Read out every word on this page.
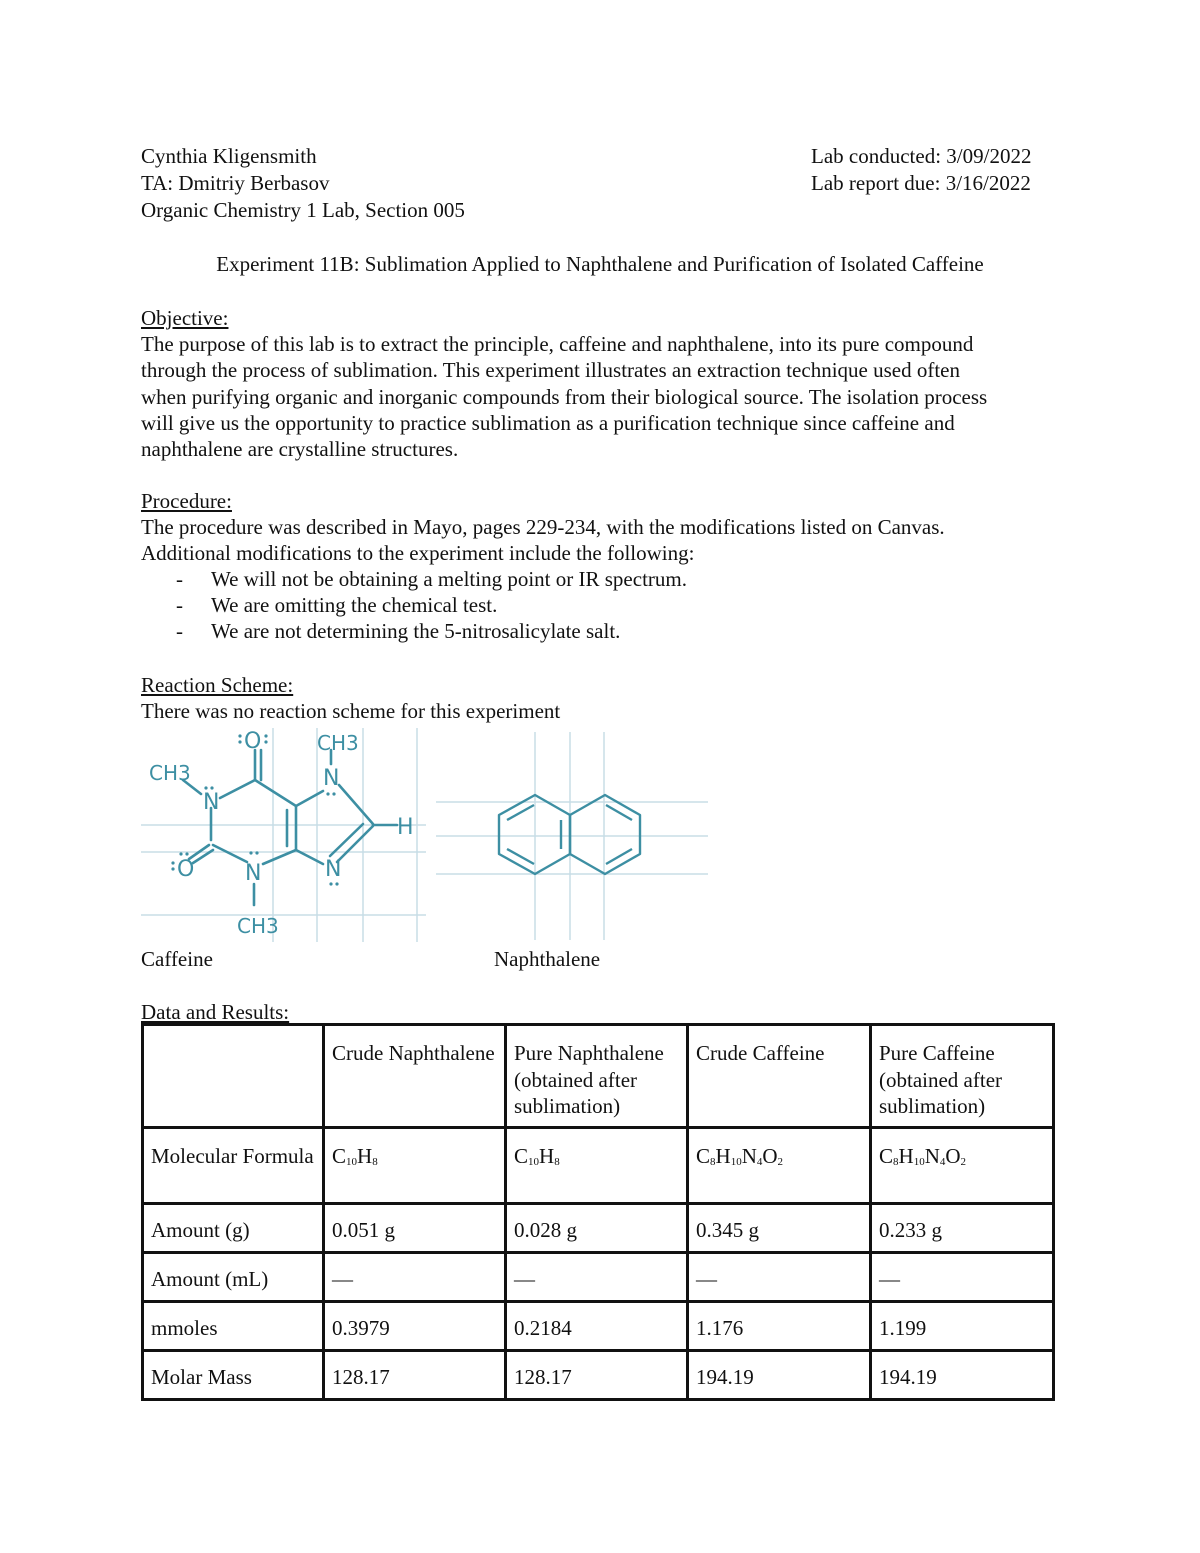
Cynthia Kligensmith
TA: Dmitriy Berbasov
Organic Chemistry 1 Lab, Section 005
Lab conducted: 3/09/2022
Lab report due: 3/16/2022
Experiment 11B: Sublimation Applied to Naphthalene and Purification of Isolated Caffeine
Objective:
The purpose of this lab is to extract the principle, caffeine and naphthalene, into its pure compound
through the process of sublimation. This experiment illustrates an extraction technique used often
when purifying organic and inorganic compounds from their biological source. The isolation process
will give us the opportunity to practice sublimation as a purification technique since caffeine and
naphthalene are crystalline structures.
Procedure:
The procedure was described in Mayo, pages 229-234, with the modifications listed on Canvas.
Additional modifications to the experiment include the following:
- We will not be obtaining a melting point or IR spectrum.
- We are omitting the chemical test.
- We are not determining the 5-nitrosalicylate salt.
Reaction Scheme:
There was no reaction scheme for this experiment
O
O
N
N
N
N
H
CH3
CH3
CH3
Caffeine	Naphthalene
Data and Results:
	Crude Naphthalene	Pure Naphthalene (obtained after sublimation)	Crude Caffeine	Pure Caffeine (obtained after sublimation)
Molecular Formula	$C_{10}H_8$	$C_{10}H_8$	$C_8H_{10}N_4O_2$	$C_8H_{10}N_4O_2$
Amount (g)	0.051 g	0.028 g	0.345 g	0.233 g
Amount (mL)	—	—	—	—
mmoles	0.3979	0.2184	1.176	1.199
Molar Mass	128.17	128.17	194.19	194.19
